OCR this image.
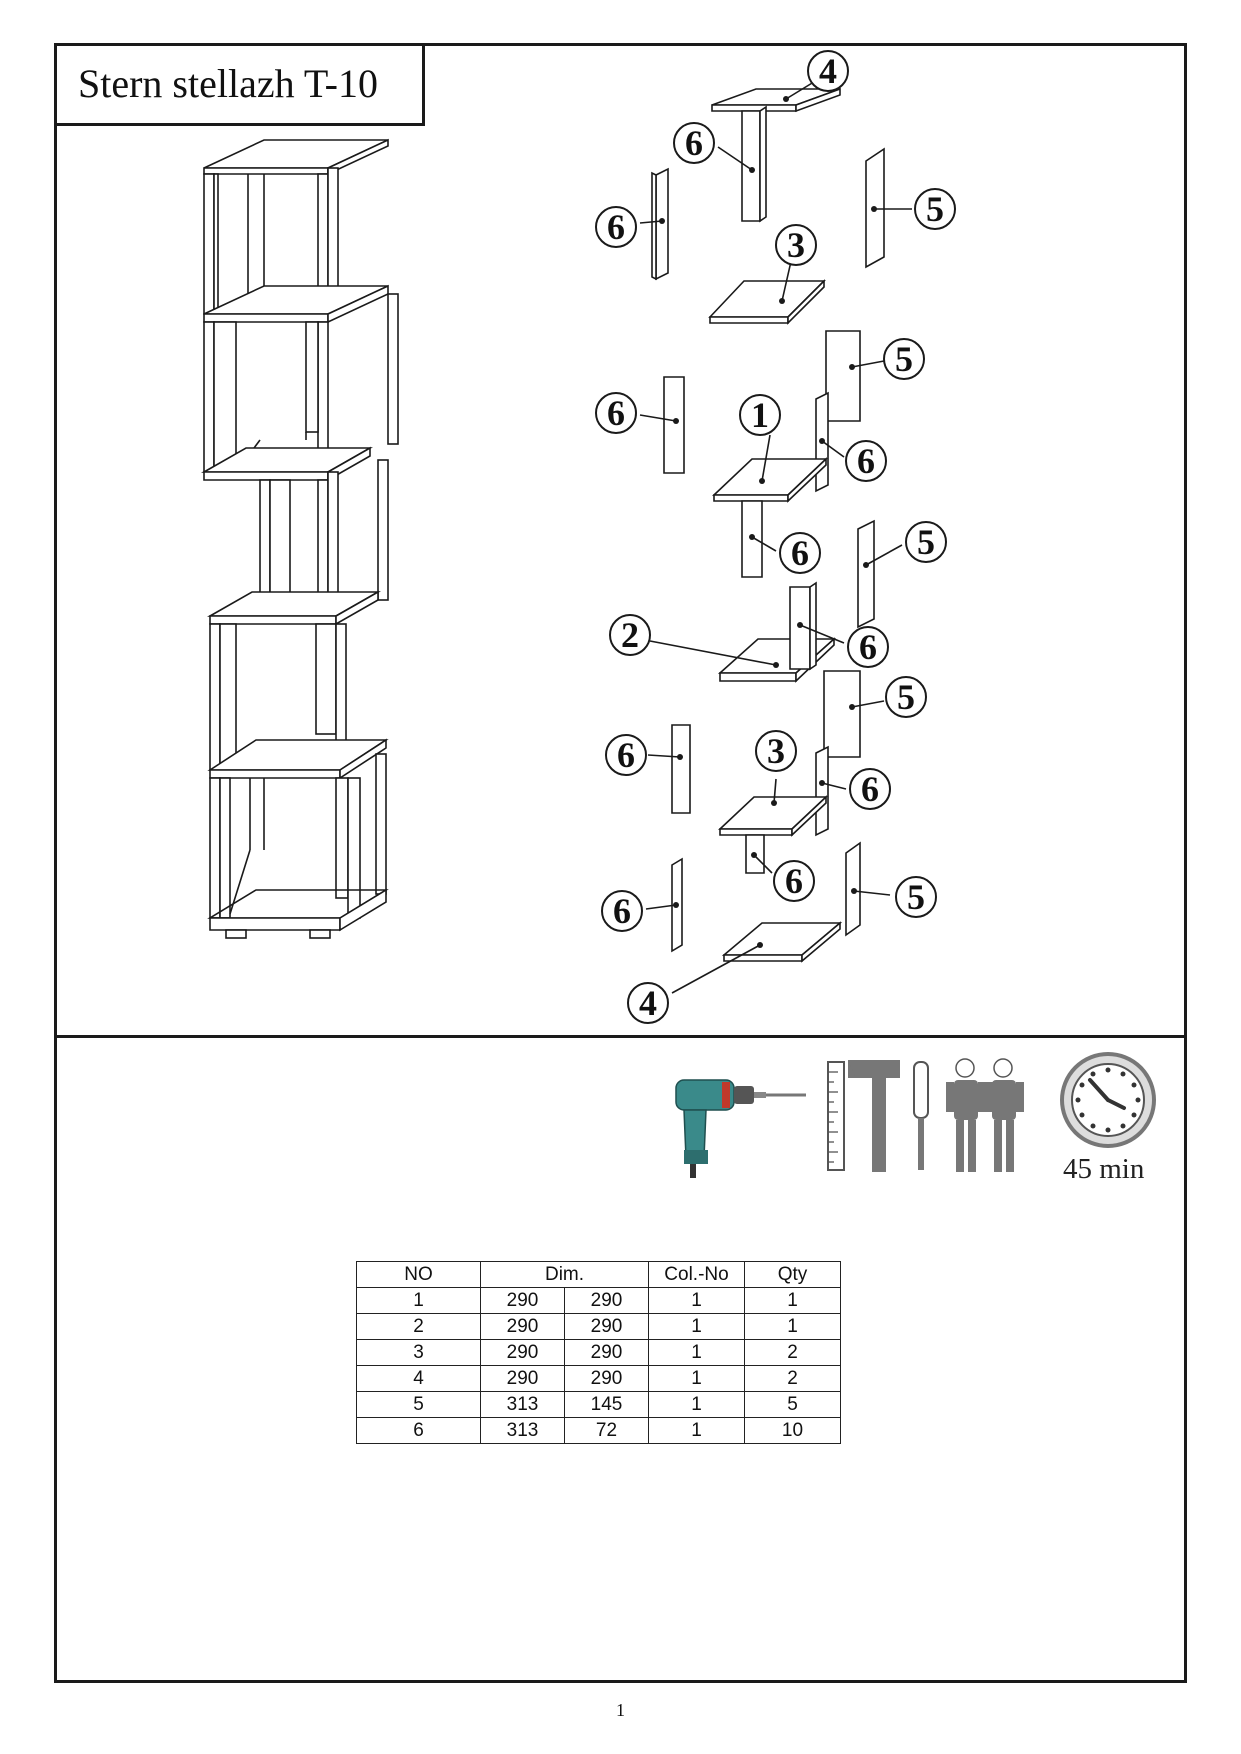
Stern stellazh T-10	4
6
6	5
3
5
6	1
6
6	5
2	6
5
6	3
6
6
6	5
4
45 min
NO	Dim.		Col.-No	Qty
1	290	290	1	1
2	290	290	1	1
3	290	290	1	2
4	290	290	1	2
5	313	145	1	5
6	313	72	1	10
1
